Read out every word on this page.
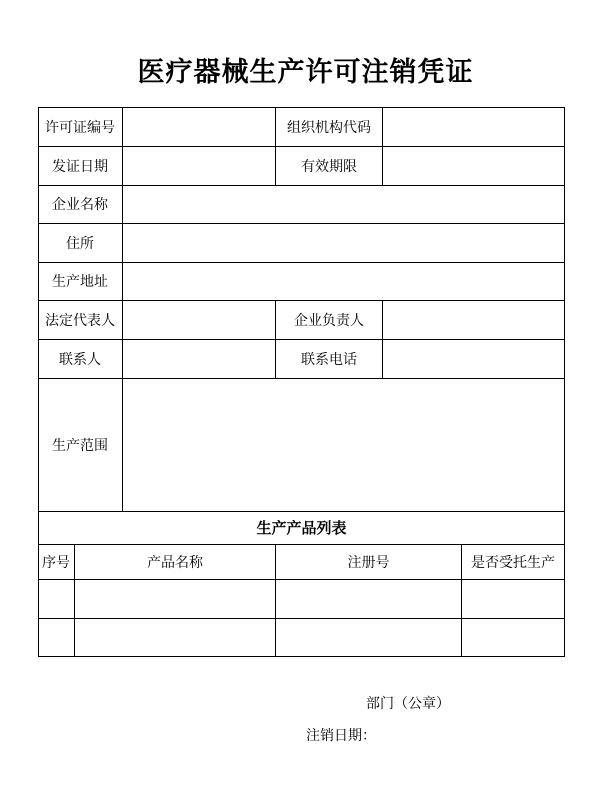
医疗器械生产许可注销凭证
许可证编号	组织机构代码
发证日期	有效期限
企业名称
住所
生产地址
法定代表人	企业负责人
联系人	联系电话
生产范围
生产产品列表
序号	产品名称	注册号	是否受托生产
部门（公章）
注销日期：
